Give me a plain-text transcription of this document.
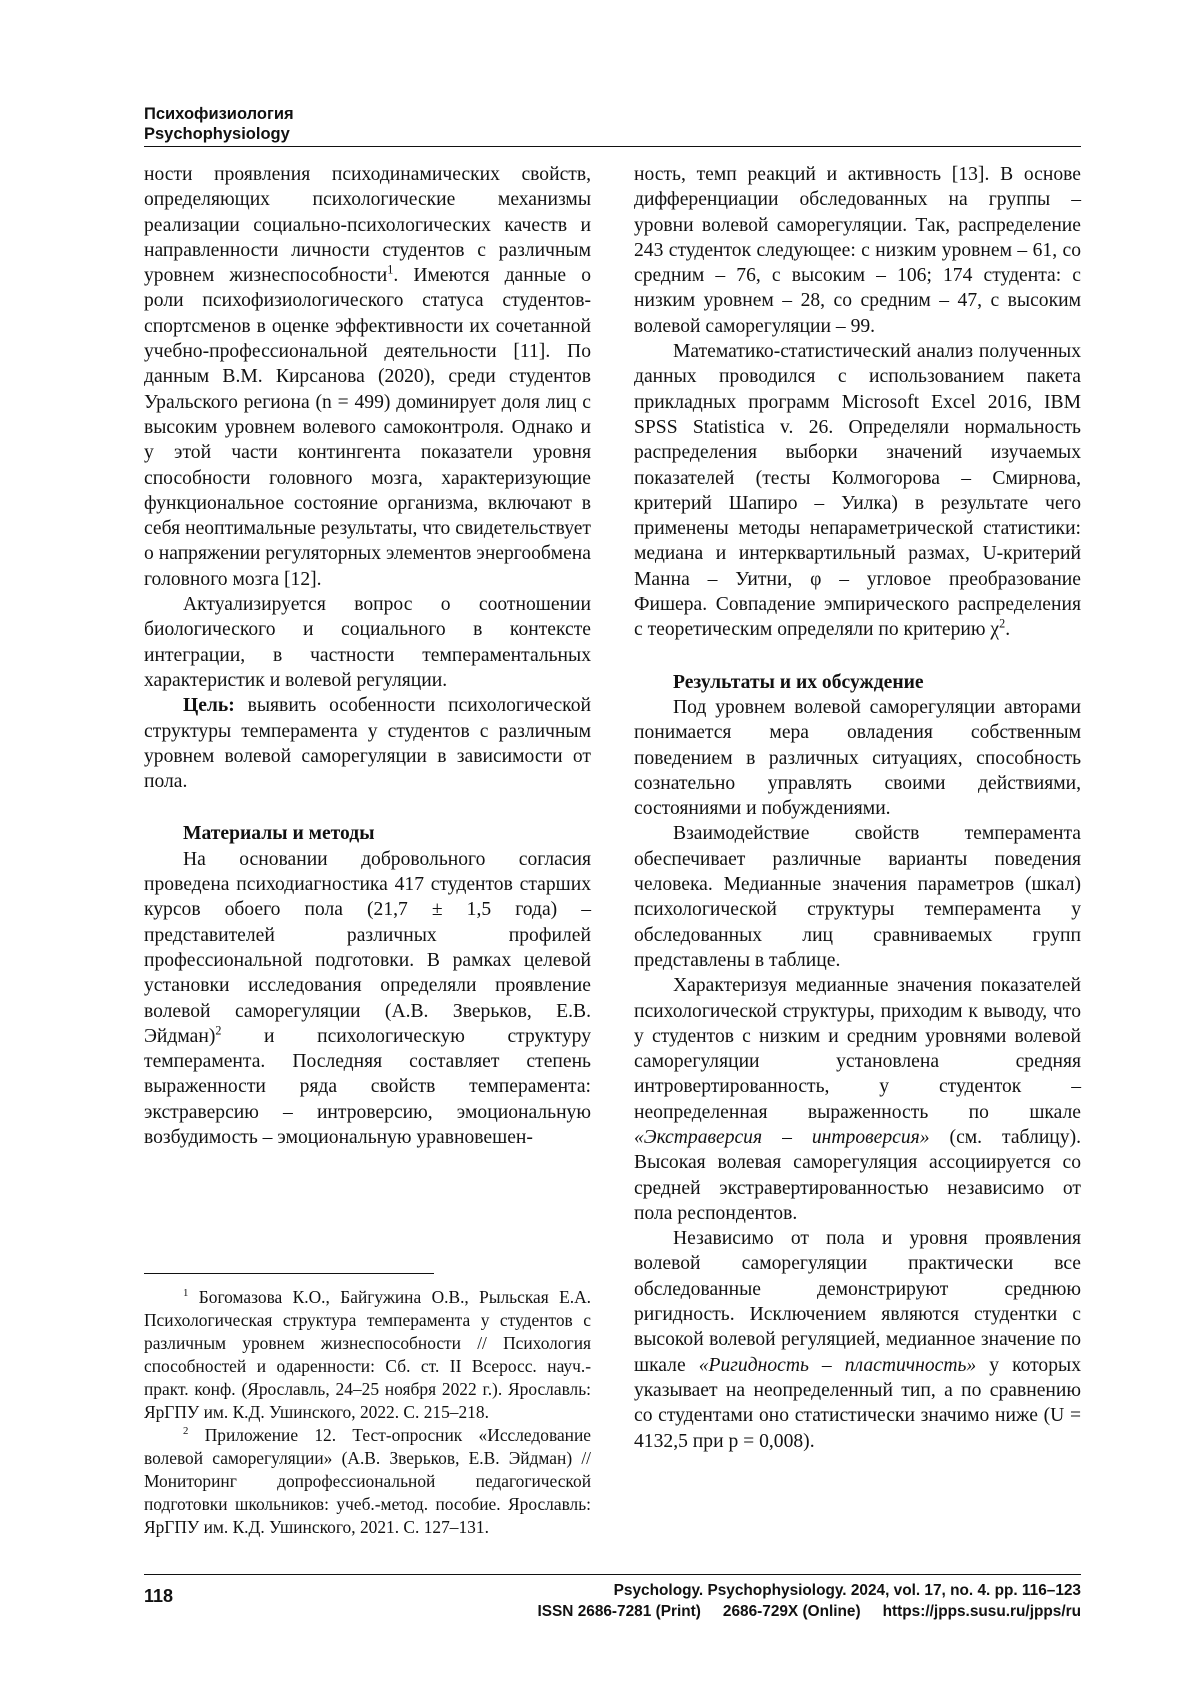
Психофизиология
Psychophysiology

ности проявления психодинамических свойств, определяющих психологические механизмы реализации социально-психологических качеств и направленности личности студентов с различным уровнем жизнеспособности$^1$. Имеются данные о роли психофизиологического статуса студентов-спортсменов в оценке эффективности их сочетанной учебно-профессиональной деятельности [11]. По данным В.М. Кирсанова (2020), среди студентов Уральского региона (n = 499) доминирует доля лиц с высоким уровнем волевого самоконтроля. Однако и у этой части контингента показатели уровня способности головного мозга, характеризующие функциональное состояние организма, включают в себя неоптимальные результаты, что свидетельствует о напряжении регуляторных элементов энергообмена головного мозга [12].

Актуализируется вопрос о соотношении биологического и социального в контексте интеграции, в частности темпераментальных характеристик и волевой регуляции.

Цель: выявить особенности психологической структуры темперамента у студентов с различным уровнем волевой саморегуляции в зависимости от пола.

Материалы и методы

На основании добровольного согласия проведена психодиагностика 417 студентов старших курсов обоего пола (21,7 ± 1,5 года) – представителей различных профилей профессиональной подготовки. В рамках целевой установки исследования определяли проявление волевой саморегуляции (А.В. Зверьков, Е.В. Эйдман)$^2$ и психологическую структуру темперамента. Последняя составляет степень выраженности ряда свойств темперамента: экстраверсию – интроверсию, эмоциональную возбудимость – эмоциональную уравновешен-

$^1$ Богомазова К.О., Байгужина О.В., Рыльская Е.А. Психологическая структура темперамента у студентов с различным уровнем жизнеспособности // Психология способностей и одаренности: Сб. ст. II Всеросс. науч.-практ. конф. (Ярославль, 24–25 ноября 2022 г.). Ярославль: ЯрГПУ им. К.Д. Ушинского, 2022. С. 215–218.

$^2$ Приложение 12. Тест-опросник «Исследование волевой саморегуляции» (А.В. Зверьков, Е.В. Эйдман) // Мониторинг допрофессиональной педагогической подготовки школьников: учеб.-метод. пособие. Ярославль: ЯрГПУ им. К.Д. Ушинского, 2021. С. 127–131.

ность, темп реакций и активность [13]. В основе дифференциации обследованных на группы – уровни волевой саморегуляции. Так, распределение 243 студенток следующее: с низким уровнем – 61, со средним – 76, с высоким – 106; 174 студента: с низким уровнем – 28, со средним – 47, с высоким волевой саморегуляции – 99.

Математико-статистический анализ полученных данных проводился с использованием пакета прикладных программ Microsoft Excel 2016, IBM SPSS Statistica v. 26. Определяли нормальность распределения выборки значений изучаемых показателей (тесты Колмогорова – Смирнова, критерий Шапиро – Уилка) в результате чего применены методы непараметрической статистики: медиана и интерквартильный размах, U-критерий Манна – Уитни, φ – угловое преобразование Фишера. Совпадение эмпирического распределения с теоретическим определяли по критерию $\chi^2$.

Результаты и их обсуждение

Под уровнем волевой саморегуляции авторами понимается мера овладения собственным поведением в различных ситуациях, способность сознательно управлять своими действиями, состояниями и побуждениями.

Взаимодействие свойств темперамента обеспечивает различные варианты поведения человека. Медианные значения параметров (шкал) психологической структуры темперамента у обследованных лиц сравниваемых групп представлены в таблице.

Характеризуя медианные значения показателей психологической структуры, приходим к выводу, что у студентов с низким и средним уровнями волевой саморегуляции установлена средняя интровертированность, у студенток – неопределенная выраженность по шкале «Экстраверсия – интроверсия» (см. таблицу). Высокая волевая саморегуляция ассоциируется со средней экстравертированностью независимо от пола респондентов.

Независимо от пола и уровня проявления волевой саморегуляции практически все обследованные демонстрируют среднюю ригидность. Исключением являются студентки с высокой волевой регуляцией, медианное значение по шкале «Ригидность – пластичность» у которых указывает на неопределенный тип, а по сравнению со студентами оно статистически значимо ниже (U = 4132,5 при p = 0,008).

118	Psychology. Psychophysiology. 2024, vol. 17, no. 4. pp. 116–123
ISSN 2686-7281 (Print) 2686-729X (Online) https://jpps.susu.ru/jpps/ru
